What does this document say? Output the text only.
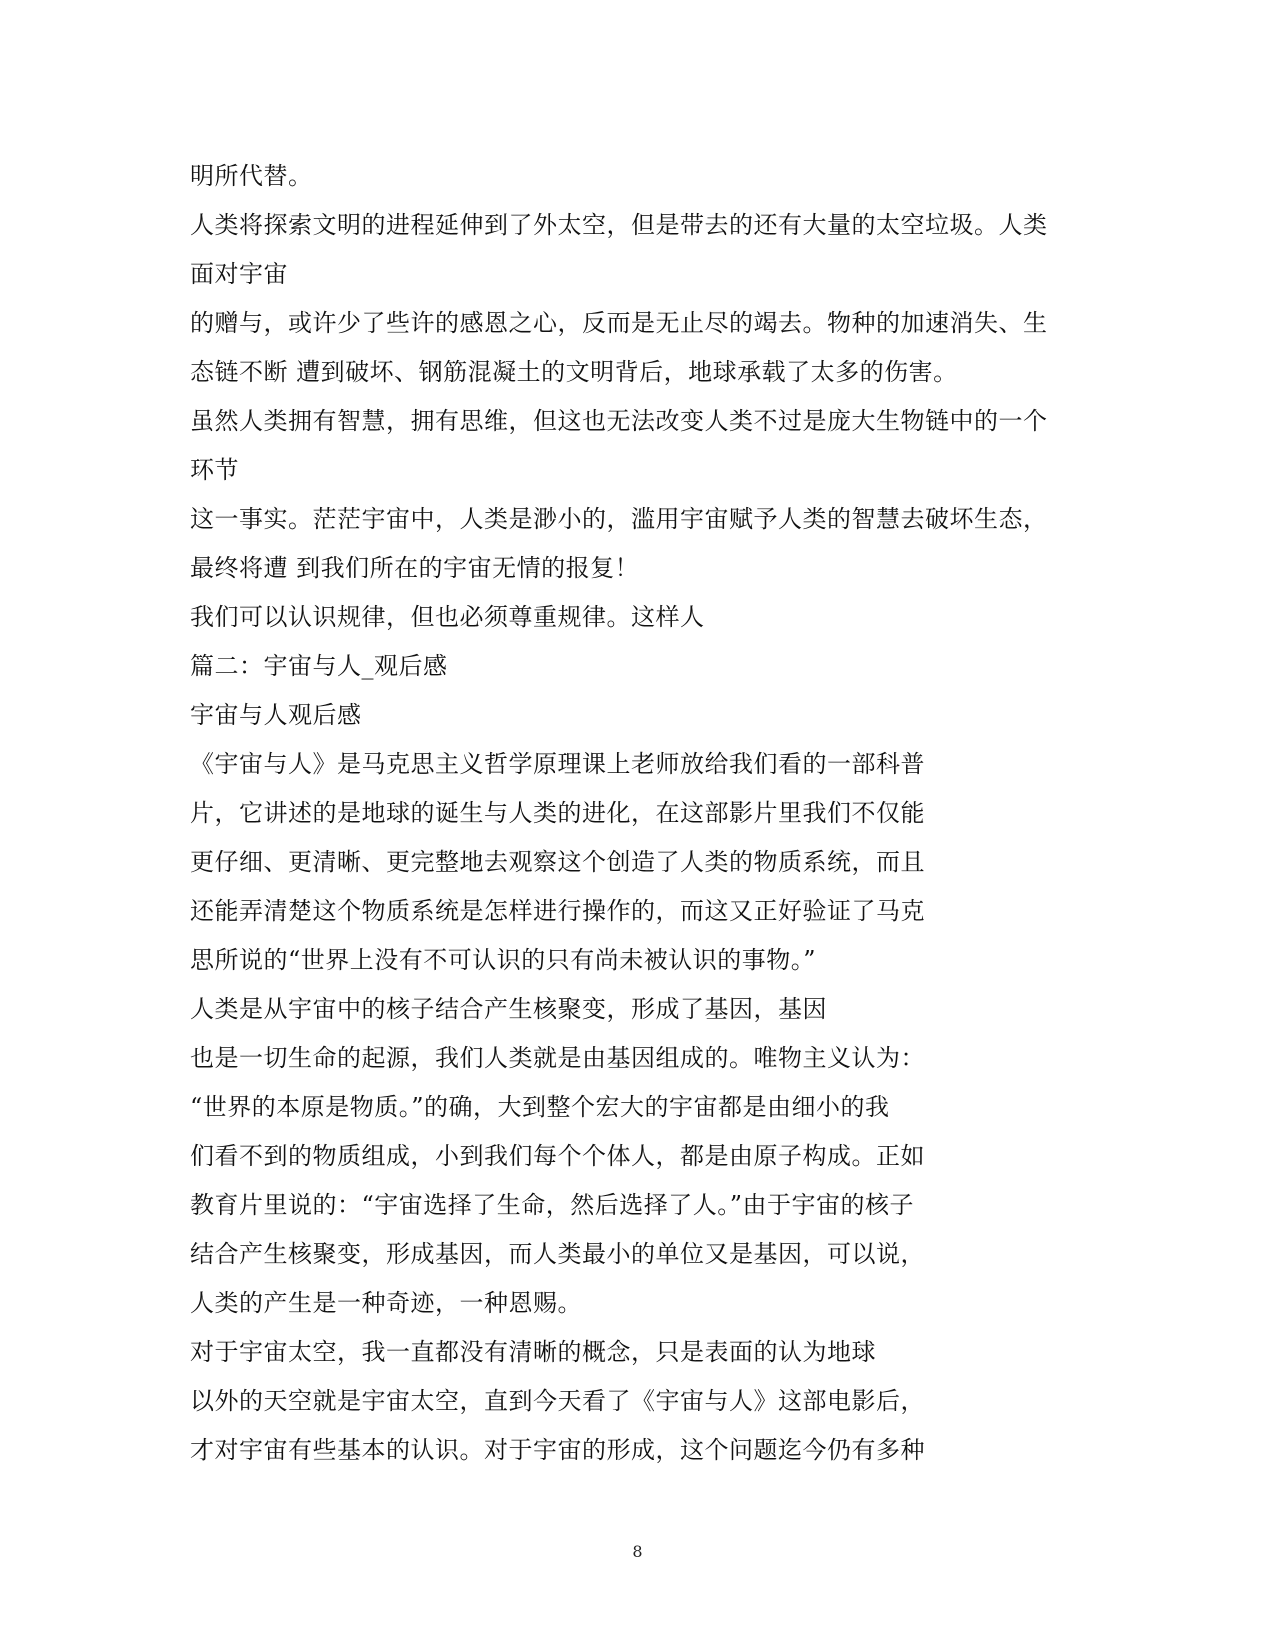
明所代替。
人类将探索文明的进程延伸到了外太空，但是带去的还有大量的太空垃圾。人类
面对宇宙
的赠与，或许少了些许的感恩之心，反而是无止尽的竭去。物种的加速消失、生
态链不断 遭到破坏、钢筋混凝土的文明背后，地球承载了太多的伤害。
虽然人类拥有智慧，拥有思维，但这也无法改变人类不过是庞大生物链中的一个
环节
这一事实。茫茫宇宙中，人类是渺小的，滥用宇宙赋予人类的智慧去破坏生态，
最终将遭 到我们所在的宇宙无情的报复！
我们可以认识规律，但也必须尊重规律。这样人
篇二：宇宙与人_观后感
宇宙与人观后感
《宇宙与人》是马克思主义哲学原理课上老师放给我们看的一部科普
片，它讲述的是地球的诞生与人类的进化，在这部影片里我们不仅能
更仔细、更清晰、更完整地去观察这个创造了人类的物质系统，而且
还能弄清楚这个物质系统是怎样进行操作的，而这又正好验证了马克
思所说的“世界上没有不可认识的只有尚未被认识的事物。”
人类是从宇宙中的核子结合产生核聚变，形成了基因，基因
也是一切生命的起源，我们人类就是由基因组成的。唯物主义认为：
“世界的本原是物质。”的确，大到整个宏大的宇宙都是由细小的我
们看不到的物质组成，小到我们每个个体人，都是由原子构成。正如
教育片里说的：“宇宙选择了生命，然后选择了人。”由于宇宙的核子
结合产生核聚变，形成基因，而人类最小的单位又是基因，可以说，
人类的产生是一种奇迹，一种恩赐。
对于宇宙太空，我一直都没有清晰的概念，只是表面的认为地球
以外的天空就是宇宙太空，直到今天看了《宇宙与人》这部电影后，
才对宇宙有些基本的认识。对于宇宙的形成，这个问题迄今仍有多种
8
